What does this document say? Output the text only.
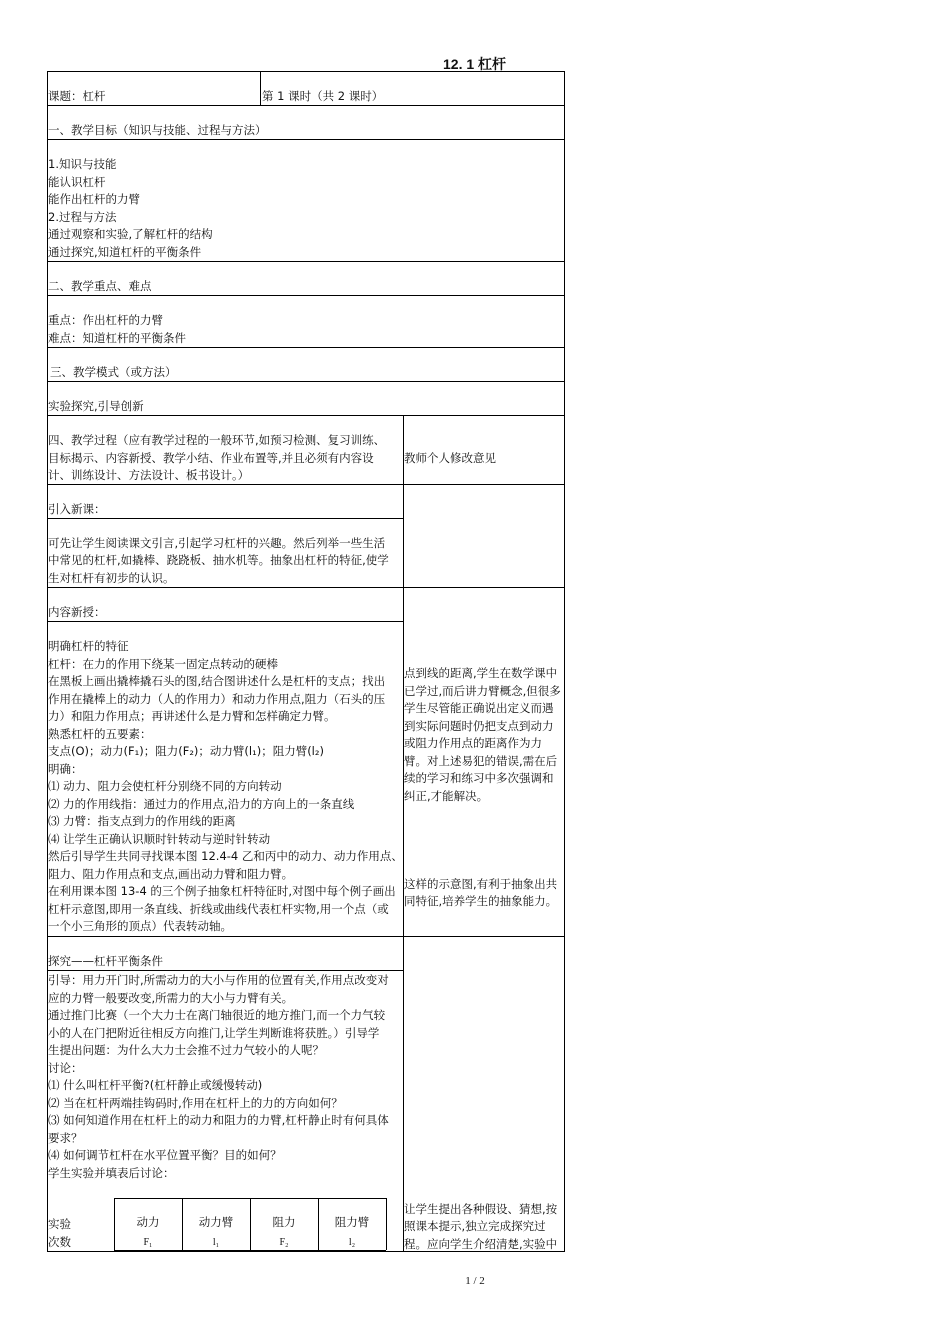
12. 1 杠杆
课题：杠杆	第 1 课时（共 2 课时）
一、教学目标（知识与技能、过程与方法）
1.知识与技能
能认识杠杆
能作出杠杆的力臂
2.过程与方法
通过观察和实验,了解杠杆的结构
通过探究,知道杠杆的平衡条件
二、教学重点、难点
重点：作出杠杆的力臂
难点：知道杠杆的平衡条件
三、教学模式（或方法）
实验探究,引导创新
四、教学过程（应有教学过程的一般环节,如预习检测、复习训练、
目标揭示、内容新授、教学小结、作业布置等,并且必须有内容设
计、训练设计、方法设计、板书设计。）
教师个人修改意见
引入新课：
可先让学生阅读课文引言,引起学习杠杆的兴趣。然后列举一些生活
中常见的杠杆,如撬棒、跷跷板、抽水机等。抽象出杠杆的特征,使学
生对杠杆有初步的认识。
内容新授：
明确杠杆的特征
杠杆：在力的作用下绕某一固定点转动的硬棒
在黑板上画出撬棒撬石头的图,结合图讲述什么是杠杆的支点；找出
作用在撬棒上的动力（人的作用力）和动力作用点,阻力（石头的压
力）和阻力作用点；再讲述什么是力臂和怎样确定力臂。
熟悉杠杆的五要素：
支点(O)；动力(F₁)；阻力(F₂)；动力臂(l₁)；阻力臂(l₂)
明确：
⑴ 动力、阻力会使杠杆分别绕不同的方向转动
⑵ 力的作用线指：通过力的作用点,沿力的方向上的一条直线
⑶ 力臂：指支点到力的作用线的距离
⑷ 让学生正确认识顺时针转动与逆时针转动
然后引导学生共同寻找课本图 12.4-4 乙和丙中的动力、动力作用点、
阻力、阻力作用点和支点,画出动力臂和阻力臂。
在利用课本图 13-4 的三个例子抽象杠杆特征时,对图中每个例子画出
杠杆示意图,即用一条直线、折线或曲线代表杠杆实物,用一个点（或
一个小三角形的顶点）代表转动轴。
点到线的距离,学生在数学课中
已学过,而后讲力臂概念,但很多
学生尽管能正确说出定义而遇
到实际问题时仍把支点到动力
或阻力作用点的距离作为力
臂。对上述易犯的错误,需在后
续的学习和练习中多次强调和
纠正,才能解决。
这样的示意图,有利于抽象出共
同特征,培养学生的抽象能力。
探究——杠杆平衡条件
引导：用力开门时,所需动力的大小与作用的位置有关,作用点改变对
应的力臂一般要改变,所需力的大小与力臂有关。
通过推门比赛（一个大力士在离门轴很近的地方推门,而一个力气较
小的人在门把附近往相反方向推门,让学生判断谁将获胜。）引导学
生提出问题：为什么大力士会推不过力气较小的人呢？
讨论：
⑴ 什么叫杠杆平衡?(杠杆静止或缓慢转动)
⑵ 当在杠杆两端挂钩码时,作用在杠杆上的力的方向如何？
⑶ 如何知道作用在杠杆上的动力和阻力的力臂,杠杆静止时有何具体
要求？
⑷ 如何调节杠杆在水平位置平衡？目的如何？
学生实验并填表后讨论：
让学生提出各种假设、猜想,按
照课本提示,独立完成探究过
程。应向学生介绍清楚,实验中
实验
次数
动力
F₁
动力臂
l₁
阻力
F₂
阻力臂
l₂
1 / 2
